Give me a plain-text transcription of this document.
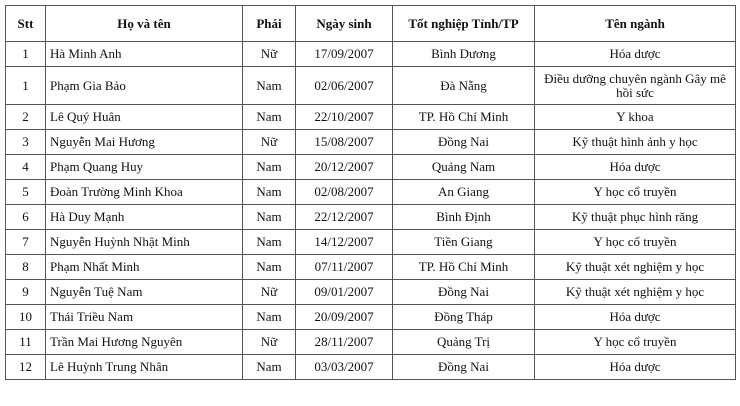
Stt	Họ và tên	Phái	Ngày sinh	Tốt nghiệp Tỉnh/TP	Tên ngành
1	Hà Minh Anh	Nữ	17/09/2007	Bình Dương	Hóa dược
1	Phạm Gia Bảo	Nam	02/06/2007	Đà Nẵng	Điều dưỡng chuyên ngành Gây mê hồi sức
2	Lê Quý Huân	Nam	22/10/2007	TP. Hồ Chí Minh	Y khoa
3	Nguyễn Mai Hương	Nữ	15/08/2007	Đồng Nai	Kỹ thuật hình ảnh y học
4	Phạm Quang Huy	Nam	20/12/2007	Quảng Nam	Hóa dược
5	Đoàn Trường Minh Khoa	Nam	02/08/2007	An Giang	Y học cổ truyền
6	Hà Duy Mạnh	Nam	22/12/2007	Bình Định	Kỹ thuật phục hình răng
7	Nguyễn Huỳnh Nhật Minh	Nam	14/12/2007	Tiền Giang	Y học cổ truyền
8	Phạm Nhất Minh	Nam	07/11/2007	TP. Hồ Chí Minh	Kỹ thuật xét nghiệm y học
9	Nguyễn Tuệ Nam	Nữ	09/01/2007	Đồng Nai	Kỹ thuật xét nghiệm y học
10	Thái Triều Nam	Nam	20/09/2007	Đồng Tháp	Hóa dược
11	Trần Mai Hương Nguyên	Nữ	28/11/2007	Quảng Trị	Y học cổ truyền
12	Lê Huỳnh Trung Nhân	Nam	03/03/2007	Đồng Nai	Hóa dược
